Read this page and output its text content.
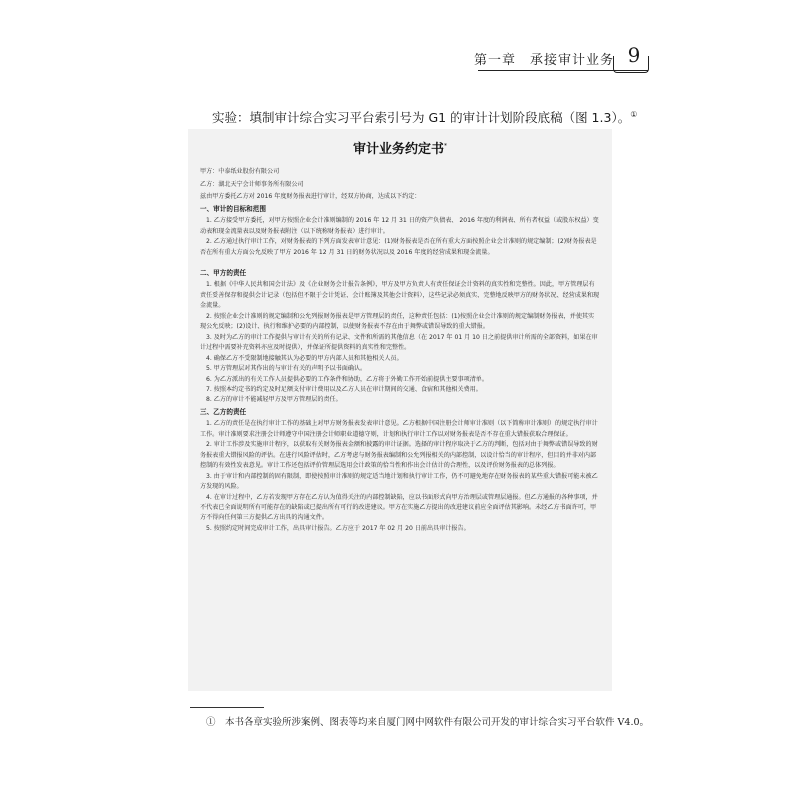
第一章　承接审计业务 9
实验：填制审计综合实习平台索引号为 G1 的审计计划阶段底稿（图 1.3）。①
审计业务约定书*

甲方：中泰纸业股份有限公司

乙方：湖北天宁会计师事务所有限公司

兹由甲方委托乙方对 2016 年度财务报表进行审计，经双方协商，达成以下约定：

一、审计的目标和范围

1. 乙方接受甲方委托，对甲方按照企业会计准则编制的 2016 年 12 月 31 日的资产负债表、 2016 年度的利润表、所有者权益（或股东权益）变动表和现金流量表以及财务报表附注（以下统称财务报表）进行审计。

2. 乙方通过执行审计工作，对财务报表的下列方面发表审计意见：(1)财务报表是否在所有重大方面按照企业会计准则的规定编制；(2)财务报表是否在所有重大方面公允反映了甲方 2016 年 12 月 31 日的财务状况以及 2016 年度的经营成果和现金流量。

二、甲方的责任

1. 根据《中华人民共和国会计法》及《企业财务会计报告条例》，甲方及甲方负责人有责任保证会计资料的真实性和完整性。因此，甲方管理层有责任妥善保存和提供会计记录（包括但不限于会计凭证、会计账簿及其他会计资料），这些记录必须真实、完整地反映甲方的财务状况、经营成果和现金流量。

2. 按照企业会计准则的规定编制和公允列报财务报表是甲方管理层的责任，这种责任包括：(1)按照企业会计准则的规定编制财务报表，并使其实现公允反映；(2)设计、执行和维护必要的内部控制，以使财务报表不存在由于舞弊或错误导致的重大错报。

3. 及时为乙方的审计工作提供与审计有关的所有记录、文件和所需的其他信息（在 2017 年 01 月 10 日之前提供审计所需的全部资料，如果在审计过程中需要补充资料亦应及时提供），并保证所提供资料的真实性和完整性。

4. 确保乙方不受限制地接触其认为必要的甲方内部人员和其他相关人员。

5. 甲方管理层对其作出的与审计有关的声明予以书面确认。

6. 为乙方派出的有关工作人员提供必要的工作条件和协助，乙方将于外勤工作开始前提供主要事项清单。

7. 按照本约定书的约定及时足额支付审计费用以及乙方人员在审计期间的交通、食宿和其他相关费用。

8. 乙方的审计不能减轻甲方及甲方管理层的责任。

三、乙方的责任

1. 乙方的责任是在执行审计工作的基础上对甲方财务报表发表审计意见。乙方根据中国注册会计师审计准则（以下简称审计准则）的规定执行审计工作。审计准则要求注册会计师遵守中国注册会计师职业道德守则，计划和执行审计工作以对财务报表是否不存在重大错报获取合理保证。

2. 审计工作涉及实施审计程序，以获取有关财务报表金额和披露的审计证据。选择的审计程序取决于乙方的判断，包括对由于舞弊或错误导致的财务报表重大错报风险的评估。在进行风险评估时，乙方考虑与财务报表编制和公允列报相关的内部控制，以设计恰当的审计程序，但目的并非对内部控制的有效性发表意见。审计工作还包括评价管理层选用会计政策的恰当性和作出会计估计的合理性，以及评价财务报表的总体列报。

3. 由于审计和内部控制的固有限制，即使按照审计准则的规定适当地计划和执行审计工作，仍不可避免地存在财务报表的某些重大错报可能未被乙方发现的风险。

4. 在审计过程中，乙方若发现甲方存在乙方认为值得关注的内部控制缺陷，应以书面形式向甲方治理层或管理层通报。但乙方通报的各种事项，并不代表已全面说明所有可能存在的缺陷或已提出所有可行的改进建议。甲方在实施乙方提出的改进建议前应全面评估其影响。未经乙方书面许可，甲方不得向任何第三方提供乙方出具的沟通文件。

5. 按照约定时间完成审计工作，出具审计报告。乙方应于 2017 年 02 月 20 日前出具审计报告。

①　 本书各章实验所涉案例、图表等均来自厦门网中网软件有限公司开发的审计综合实习平台软件 V4.0。
